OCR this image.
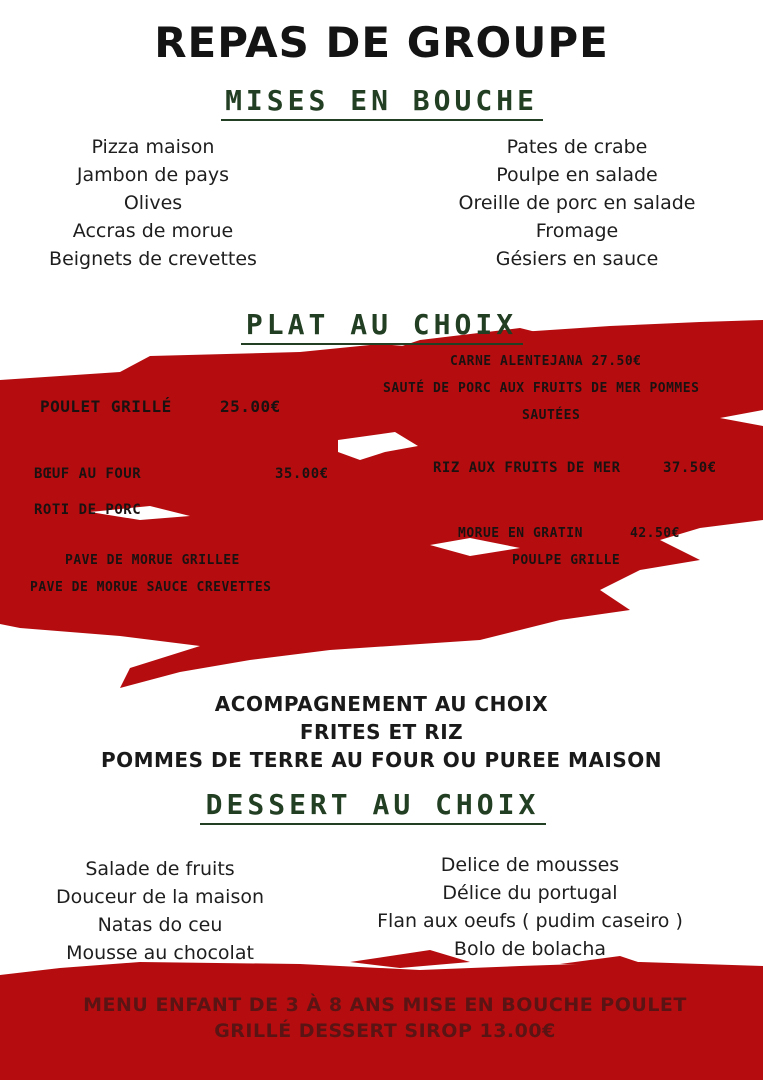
REPAS DE GROUPE
MISES EN BOUCHE
Pizza maison
Jambon de pays
Olives
Accras de morue
Beignets de crevettes
Pates de crabe
Poulpe en salade
Oreille de porc en salade
Fromage
Gésiers en sauce
PLAT AU CHOIX
CARNE ALENTEJANA 27.50€
SAUTÉ DE PORC AUX FRUITS DE MER POMMES
SAUTÉES
POULET GRILLÉ	25.00€
BŒUF AU FOUR	35.00€	RIZ AUX FRUITS DE MER	37.50€
ROTI DE PORC
MORUE EN GRATIN	42.50€
PAVE DE MORUE GRILLEE	POULPE GRILLE
PAVE DE MORUE SAUCE CREVETTES
ACOMPAGNEMENT AU CHOIX
FRITES ET RIZ
POMMES DE TERRE AU FOUR OU PUREE MAISON
DESSERT AU CHOIX
Salade de fruits
Douceur de la maison
Natas do ceu
Mousse au chocolat
Delice de mousses
Délice du portugal
Flan aux oeufs ( pudim caseiro )
Bolo de bolacha
MENU ENFANT DE 3 À 8 ANS MISE EN BOUCHE POULET
GRILLÉ DESSERT SIROP 13.00€
